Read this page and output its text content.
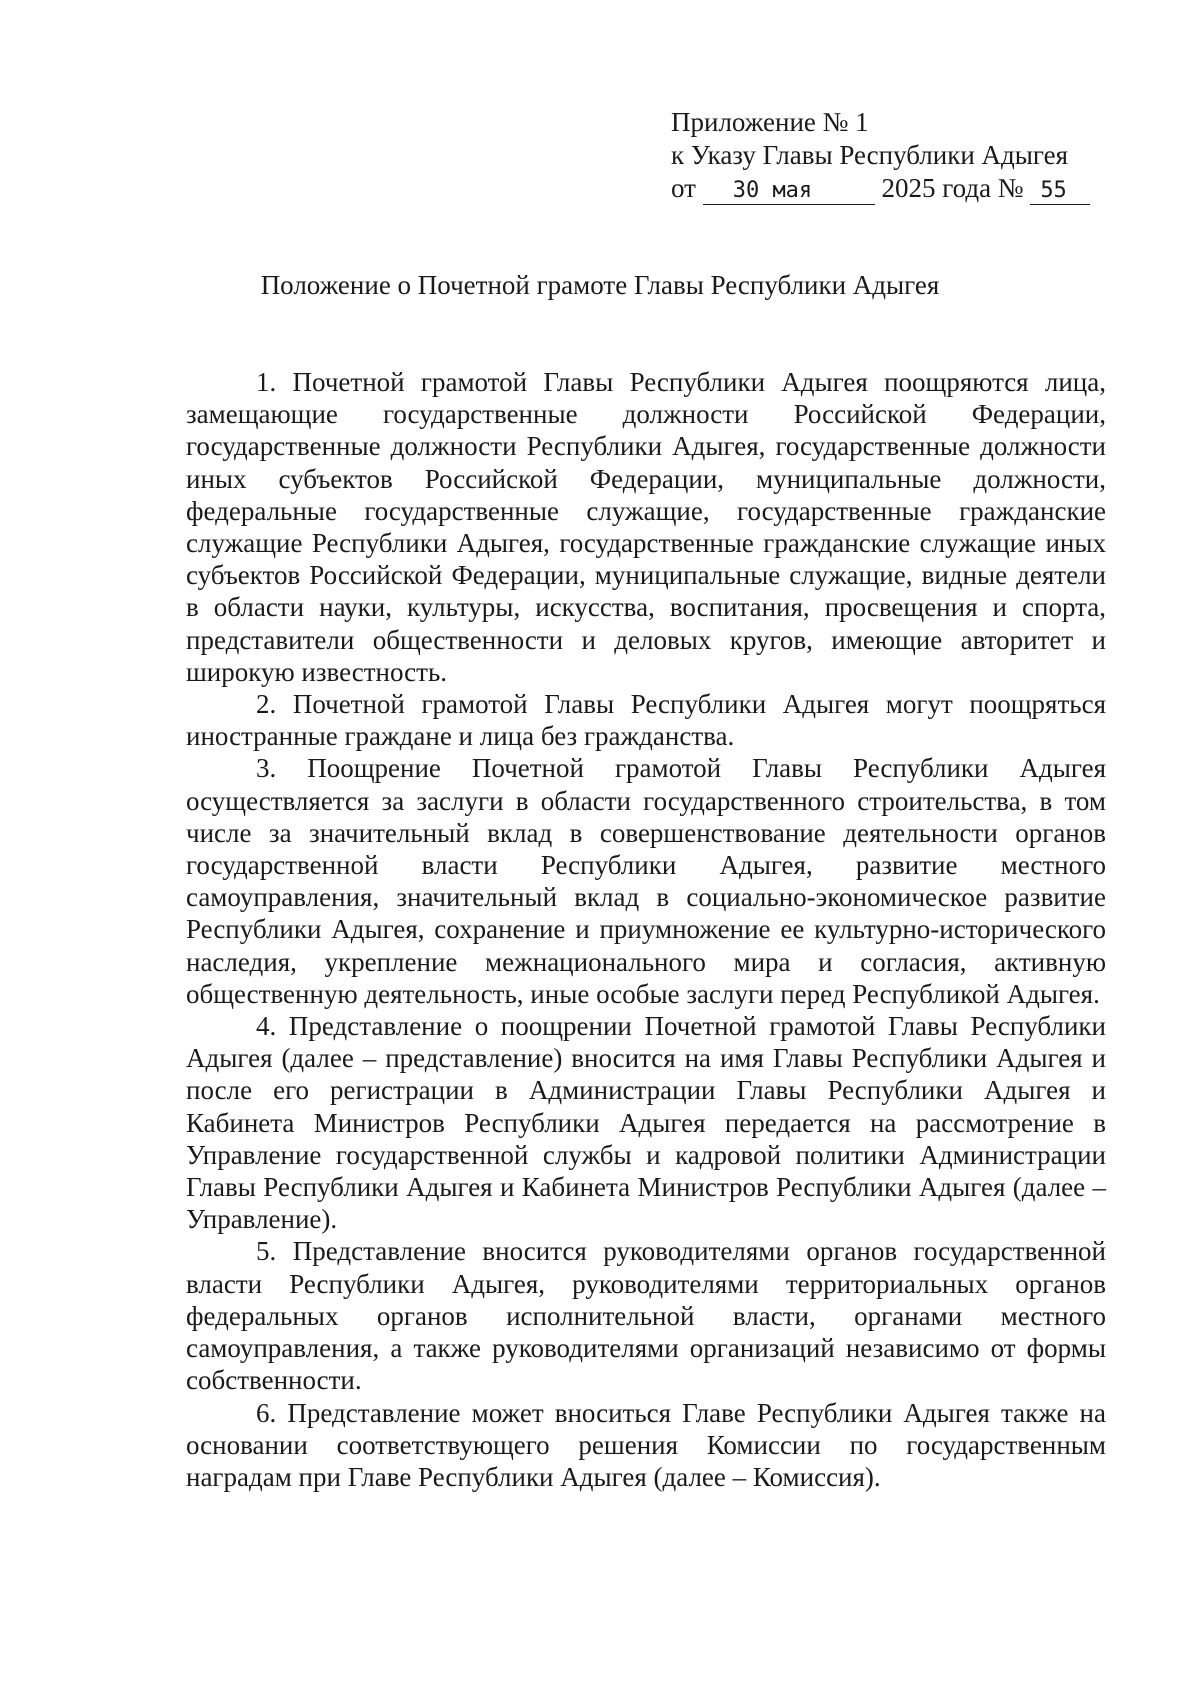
Приложение № 1
к Указу Главы Республики Адыгея
от 30 мая	2025 года № 55
Положение о Почетной грамоте Главы Республики Адыгея

1. Почетной грамотой Главы Республики Адыгея поощряются лица, замещающие государственные должности Российской Федерации, государственные должности Республики Адыгея, государственные должности иных субъектов Российской Федерации, муниципальные должности, федеральные государственные служащие, государственные гражданские служащие Республики Адыгея, государственные гражданские служащие иных субъектов Российской Федерации, муниципальные служащие, видные деятели в области науки, культуры, искусства, воспитания, просвещения и спорта, представители общественности и деловых кругов, имеющие авторитет и широкую известность.

2. Почетной грамотой Главы Республики Адыгея могут поощряться иностранные граждане и лица без гражданства.

3. Поощрение Почетной грамотой Главы Республики Адыгея осуществляется за заслуги в области государственного строительства, в том числе за значительный вклад в совершенствование деятельности органов государственной власти Республики Адыгея, развитие местного самоуправления, значительный вклад в социально-экономическое развитие Республики Адыгея, сохранение и приумножение ее культурно-исторического наследия, укрепление межнационального мира и согласия, активную общественную деятельность, иные особые заслуги перед Республикой Адыгея.

4. Представление о поощрении Почетной грамотой Главы Республики Адыгея (далее – представление) вносится на имя Главы Республики Адыгея и после его регистрации в Администрации Главы Республики Адыгея и Кабинета Министров Республики Адыгея передается на рассмотрение в Управление государственной службы и кадровой политики Администрации Главы Республики Адыгея и Кабинета Министров Республики Адыгея (далее – Управление).

5. Представление вносится руководителями органов государственной власти Республики Адыгея, руководителями территориальных органов федеральных органов исполнительной власти, органами местного самоуправления, а также руководителями организаций независимо от формы собственности.

6. Представление может вноситься Главе Республики Адыгея также на основании соответствующего решения Комиссии по государственным наградам при Главе Республики Адыгея (далее – Комиссия).
